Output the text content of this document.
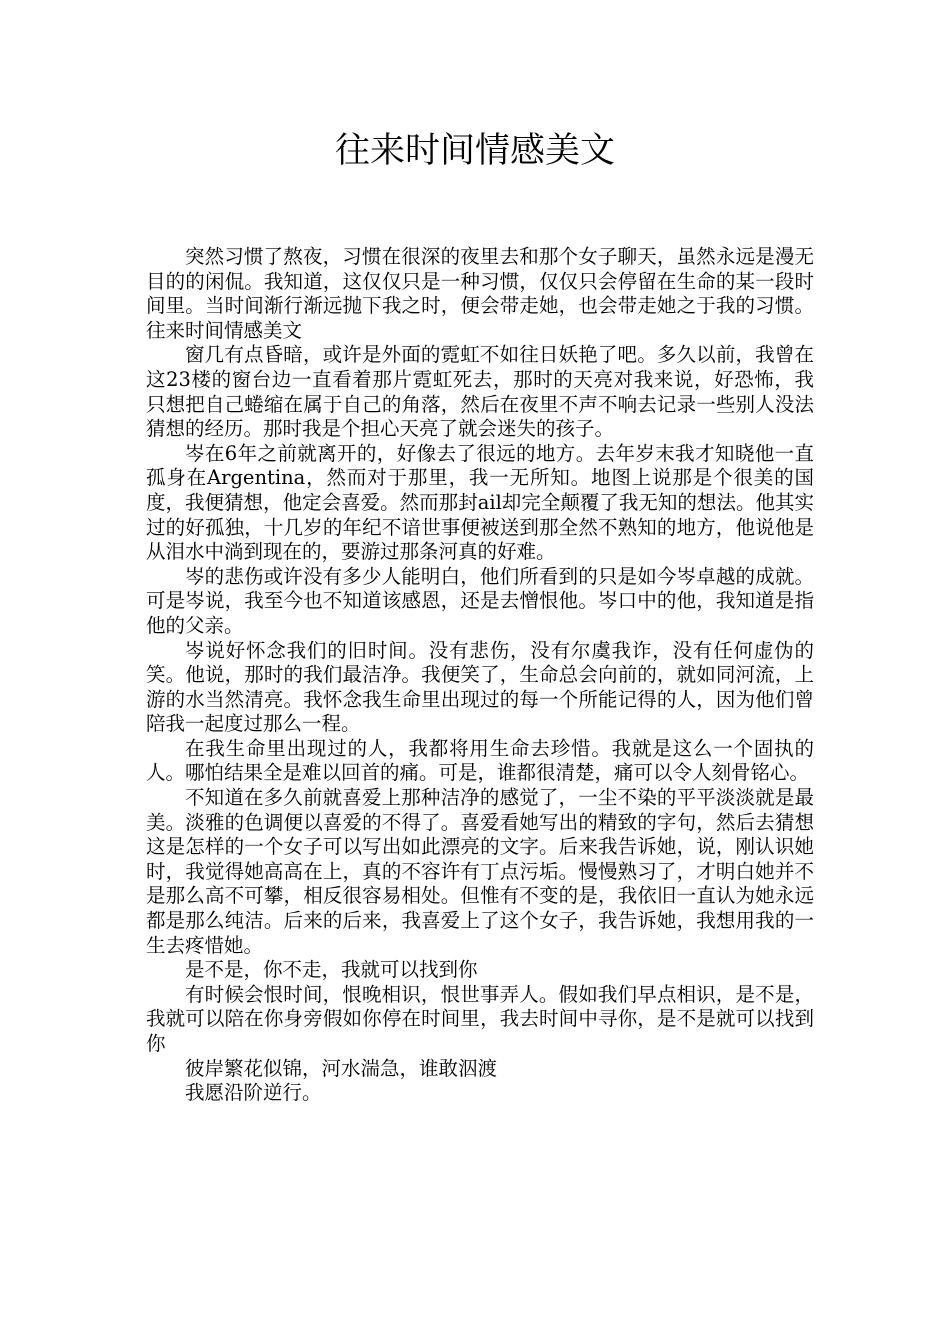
往来时间情感美文

突然习惯了熬夜，习惯在很深的夜里去和那个女子聊天，虽然永远是漫无目的的闲侃。我知道，这仅仅只是一种习惯，仅仅只会停留在生命的某一段时间里。当时间渐行渐远抛下我之时，便会带走她，也会带走她之于我的习惯。往来时间情感美文

窗几有点昏暗，或许是外面的霓虹不如往日妖艳了吧。多久以前，我曾在这23楼的窗台边一直看着那片霓虹死去，那时的天亮对我来说，好恐怖，我只想把自己蜷缩在属于自己的角落，然后在夜里不声不响去记录一些别人没法猜想的经历。那时我是个担心天亮了就会迷失的孩子。

岑在6年之前就离开的，好像去了很远的地方。去年岁末我才知晓他一直孤身在Argentina，然而对于那里，我一无所知。地图上说那是个很美的国度，我便猜想，他定会喜爱。然而那封ail却完全颠覆了我无知的想法。他其实过的好孤独，十几岁的年纪不谙世事便被送到那全然不熟知的地方，他说他是从泪水中淌到现在的，要游过那条河真的好难。

岑的悲伤或许没有多少人能明白，他们所看到的只是如今岑卓越的成就。可是岑说，我至今也不知道该感恩，还是去憎恨他。岑口中的他，我知道是指他的父亲。

岑说好怀念我们的旧时间。没有悲伤，没有尔虞我诈，没有任何虚伪的笑。他说，那时的我们最洁净。我便笑了，生命总会向前的，就如同河流，上游的水当然清亮。我怀念我生命里出现过的每一个所能记得的人，因为他们曾陪我一起度过那么一程。

在我生命里出现过的人，我都将用生命去珍惜。我就是这么一个固执的人。哪怕结果全是难以回首的痛。可是，谁都很清楚，痛可以令人刻骨铭心。

不知道在多久前就喜爱上那种洁净的感觉了，一尘不染的平平淡淡就是最美。淡雅的色调便以喜爱的不得了。喜爱看她写出的精致的字句，然后去猜想这是怎样的一个女子可以写出如此漂亮的文字。后来我告诉她，说，刚认识她时，我觉得她高高在上，真的不容许有丁点污垢。慢慢熟习了，才明白她并不是那么高不可攀，相反很容易相处。但惟有不变的是，我依旧一直认为她永远都是那么纯洁。后来的后来，我喜爱上了这个女子，我告诉她，我想用我的一生去疼惜她。

是不是，你不走，我就可以找到你

有时候会恨时间，恨晚相识，恨世事弄人。假如我们早点相识，是不是，我就可以陪在你身旁假如你停在时间里，我去时间中寻你，是不是就可以找到你

彼岸繁花似锦，河水湍急，谁敢泅渡

我愿沿阶逆行。
